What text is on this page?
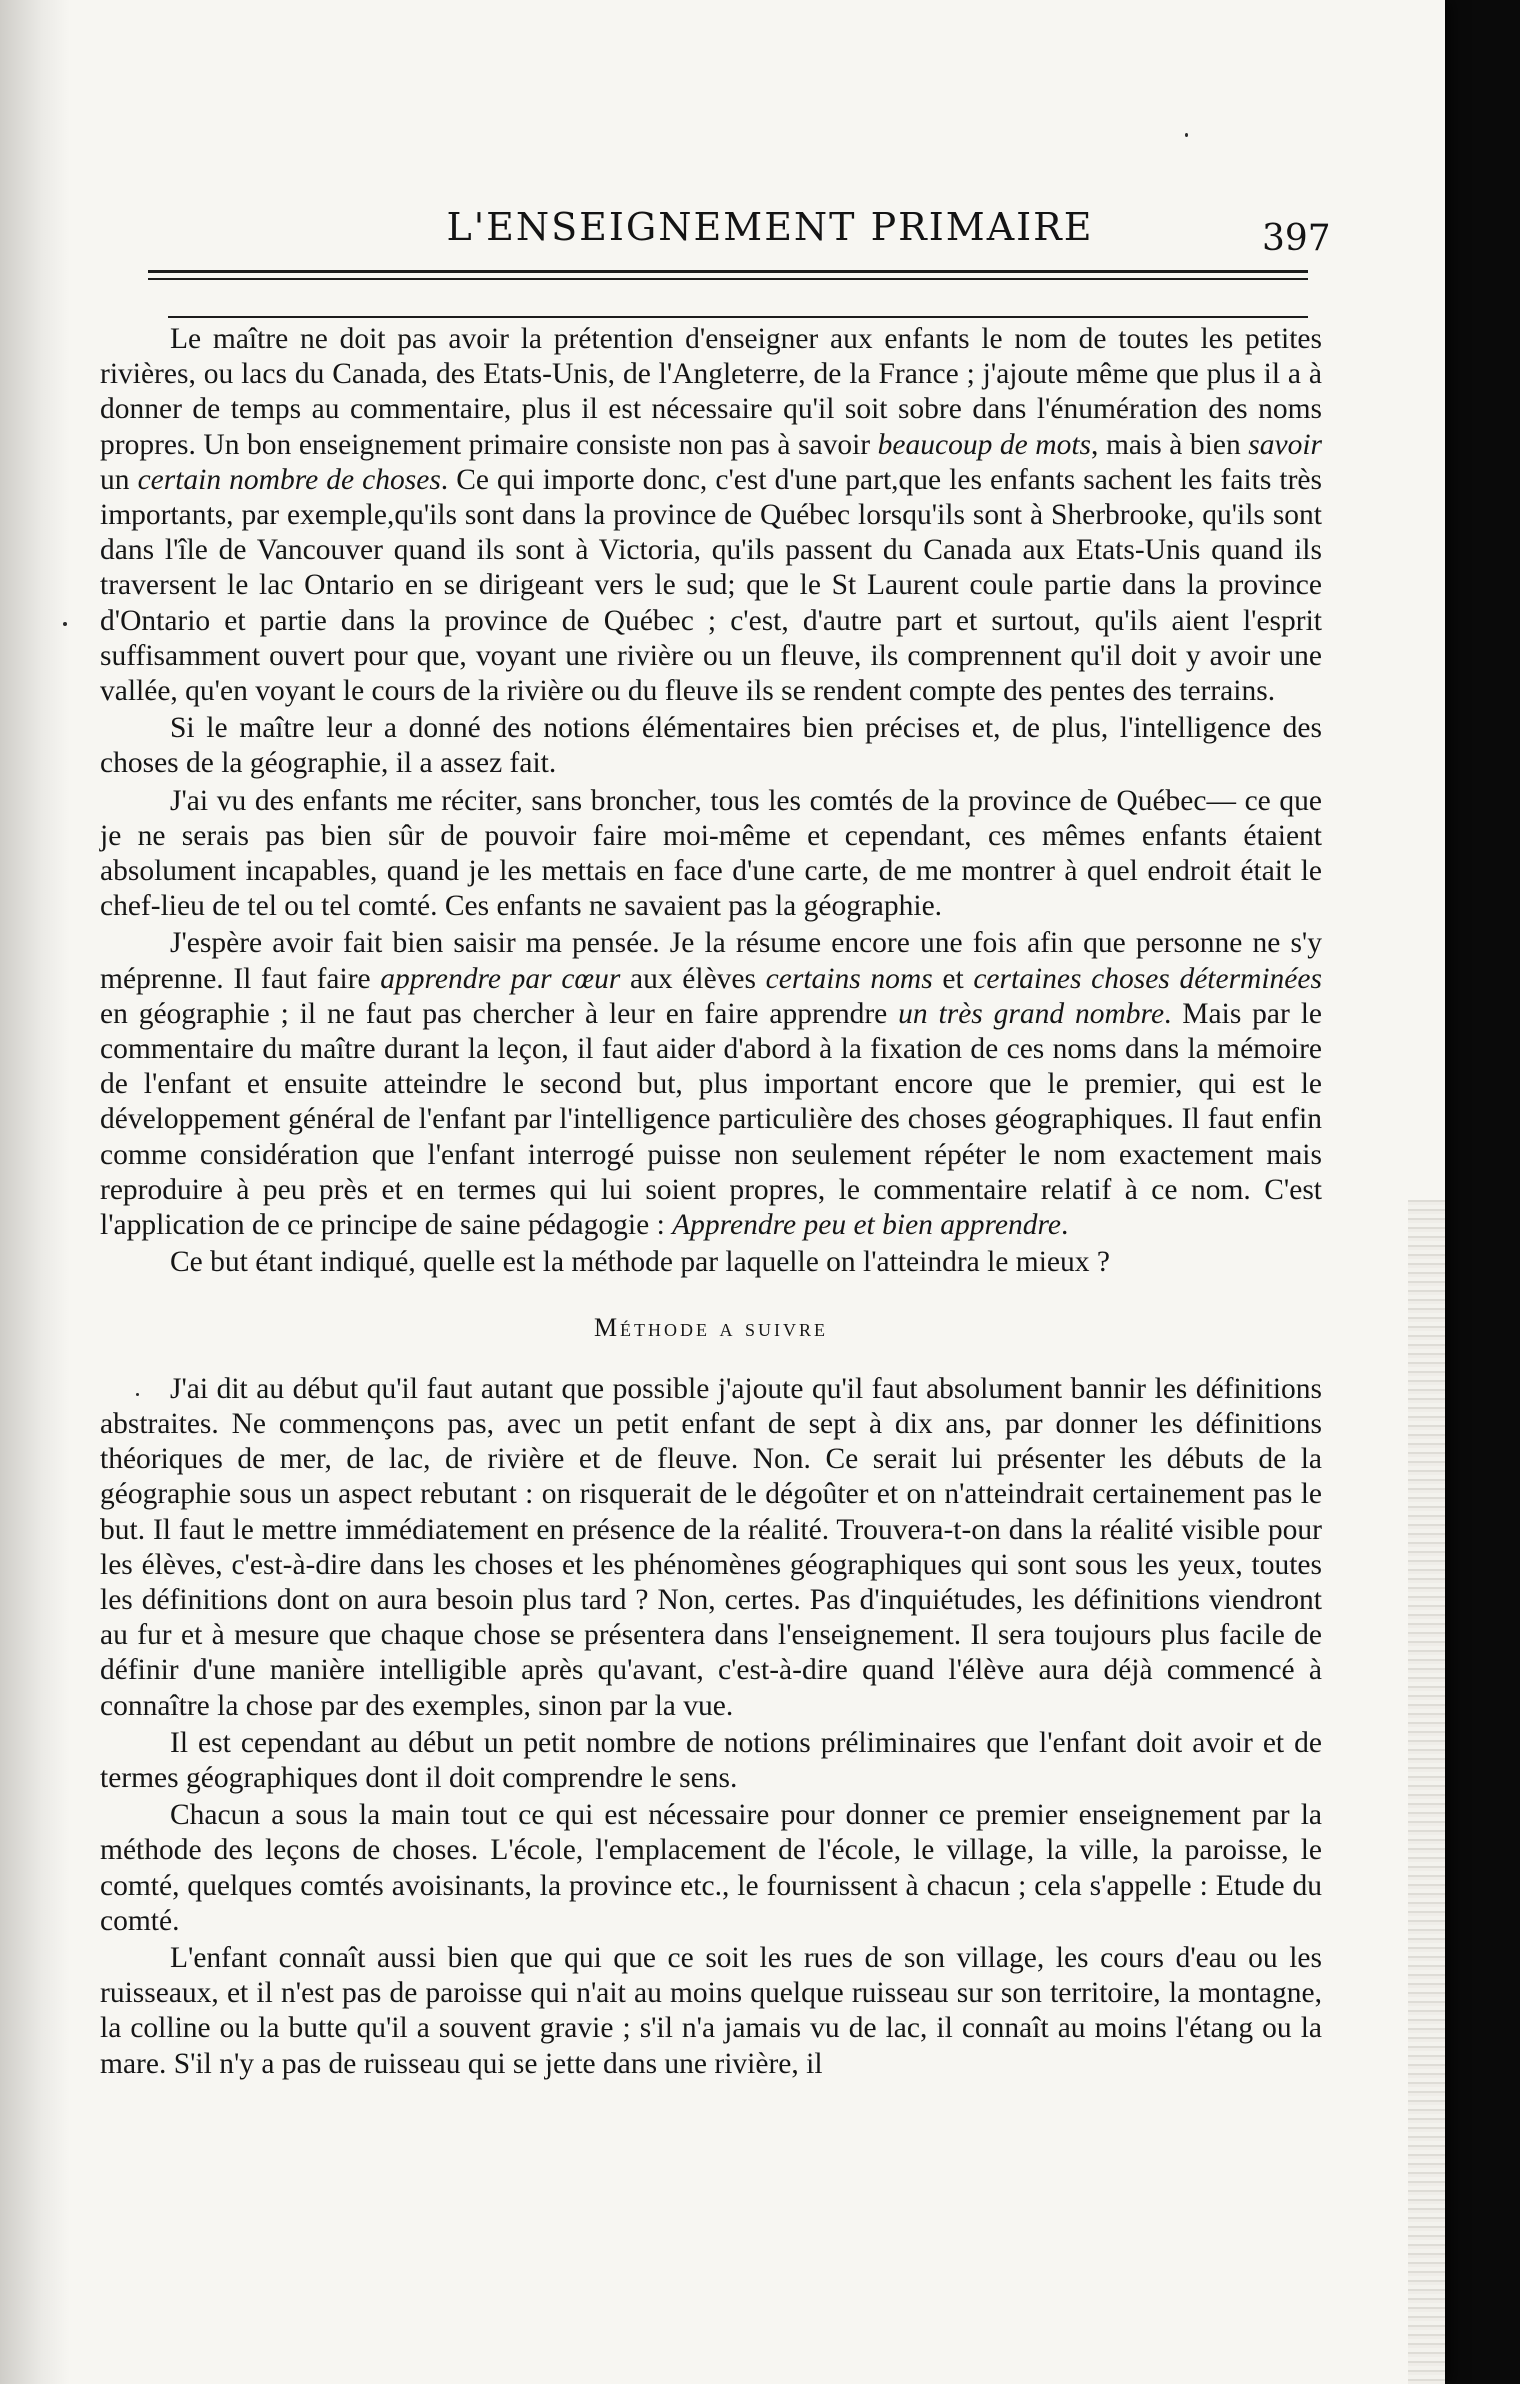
L'ENSEIGNEMENT PRIMAIRE	397

Le maître ne doit pas avoir la prétention d'enseigner aux enfants le nom de toutes les petites rivières, ou lacs du Canada, des Etats-Unis, de l'Angleterre, de la France ; j'ajoute même que plus il a à donner de temps au commentaire, plus il est nécessaire qu'il soit sobre dans l'énumération des noms propres. Un bon enseignement primaire consiste non pas à savoir beaucoup de mots, mais à bien savoir un certain nombre de choses. Ce qui importe donc, c'est d'une part,que les enfants sachent les faits très importants, par exemple,qu'ils sont dans la province de Québec lorsqu'ils sont à Sherbrooke, qu'ils sont dans l'île de Vancouver quand ils sont à Victoria, qu'ils passent du Canada aux Etats-Unis quand ils traversent le lac Ontario en se dirigeant vers le sud; que le St Laurent coule partie dans la province d'Ontario et partie dans la province de Québec ; c'est, d'autre part et surtout, qu'ils aient l'esprit suffisamment ouvert pour que, voyant une rivière ou un fleuve, ils comprennent qu'il doit y avoir une vallée, qu'en voyant le cours de la rivière ou du fleuve ils se rendent compte des pentes des terrains.

Si le maître leur a donné des notions élémentaires bien précises et, de plus, l'intelligence des choses de la géographie, il a assez fait.

J'ai vu des enfants me réciter, sans broncher, tous les comtés de la province de Québec— ce que je ne serais pas bien sûr de pouvoir faire moi-même et cependant, ces mêmes enfants étaient absolument incapables, quand je les mettais en face d'une carte, de me montrer à quel endroit était le chef-lieu de tel ou tel comté. Ces enfants ne savaient pas la géographie.

J'espère avoir fait bien saisir ma pensée. Je la résume encore une fois afin que personne ne s'y méprenne. Il faut faire apprendre par cœur aux élèves certains noms et certaines choses déterminées en géographie ; il ne faut pas chercher à leur en faire apprendre un très grand nombre. Mais par le commentaire du maître durant la leçon, il faut aider d'abord à la fixation de ces noms dans la mémoire de l'enfant et ensuite atteindre le second but, plus important encore que le premier, qui est le développement général de l'enfant par l'intelligence particulière des choses géographiques. Il faut enfin comme considération que l'enfant interrogé puisse non seulement répéter le nom exactement mais reproduire à peu près et en termes qui lui soient propres, le commentaire relatif à ce nom. C'est l'application de ce principe de saine pédagogie : Apprendre peu et bien apprendre.

Ce but étant indiqué, quelle est la méthode par laquelle on l'atteindra le mieux ?

Méthode a suivre

J'ai dit au début qu'il faut autant que possible j'ajoute qu'il faut absolument bannir les définitions abstraites. Ne commençons pas, avec un petit enfant de sept à dix ans, par donner les définitions théoriques de mer, de lac, de rivière et de fleuve. Non. Ce serait lui présenter les débuts de la géographie sous un aspect rebutant : on risquerait de le dégoûter et on n'atteindrait certainement pas le but. Il faut le mettre immédiatement en présence de la réalité. Trouvera-t-on dans la réalité visible pour les élèves, c'est-à-dire dans les choses et les phénomènes géographiques qui sont sous les yeux, toutes les définitions dont on aura besoin plus tard ? Non, certes. Pas d'inquiétudes, les définitions viendront au fur et à mesure que chaque chose se présentera dans l'enseignement. Il sera toujours plus facile de définir d'une manière intelligible après qu'avant, c'est-à-dire quand l'élève aura déjà commencé à connaître la chose par des exemples, sinon par la vue.

Il est cependant au début un petit nombre de notions préliminaires que l'enfant doit avoir et de termes géographiques dont il doit comprendre le sens.

Chacun a sous la main tout ce qui est nécessaire pour donner ce premier enseignement par la méthode des leçons de choses. L'école, l'emplacement de l'école, le village, la ville, la paroisse, le comté, quelques comtés avoisinants, la province etc., le fournissent à chacun ; cela s'appelle : Etude du comté.

L'enfant connaît aussi bien que qui que ce soit les rues de son village, les cours d'eau ou les ruisseaux, et il n'est pas de paroisse qui n'ait au moins quelque ruisseau sur son territoire, la montagne, la colline ou la butte qu'il a souvent gravie ; s'il n'a jamais vu de lac, il connaît au moins l'étang ou la mare. S'il n'y a pas de ruisseau qui se jette dans une rivière, il
